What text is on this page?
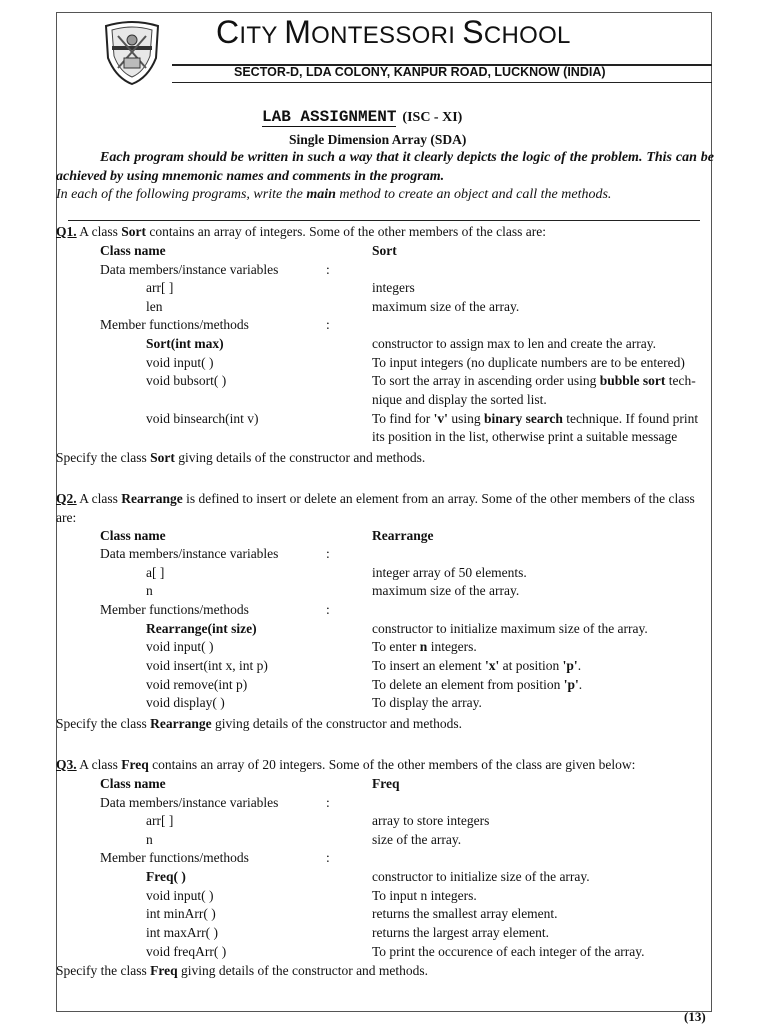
CITY MONTESSORI SCHOOL
SECTOR-D, LDA COLONY, KANPUR ROAD, LUCKNOW (INDIA)
LAB ASSIGNMENT (ISC - XI)
Single Dimension Array (SDA)

Each program should be written in such a way that it clearly depicts the logic of the problem. This can be achieved by using mnemonic names and comments in the program.

In each of the following programs, write the main method to create an object and call the methods.

Q1. A class Sort contains an array of integers. Some of the other members of the class are:
Class name	Sort
Data members/instance variables	:
arr[ ]	integers
len	maximum size of the array.
Member functions/methods	:
Sort(int max)	constructor to assign max to len and create the array.
void input( )	To input integers (no duplicate numbers are to be entered)
void bubsort( )	To sort the array in ascending order using bubble sort tech-
nique and display the sorted list.
void binsearch(int v)	To find for 'v' using binary search technique. If found print
its position in the list, otherwise print a suitable message
Specify the class Sort giving details of the constructor and methods.
Q2. A class Rearrange is defined to insert or delete an element from an array. Some of the other members of the class are:
Class name	Rearrange
Data members/instance variables	:
a[ ]	integer array of 50 elements.
n	maximum size of the array.
Member functions/methods	:
Rearrange(int size)	constructor to initialize maximum size of the array.
void input( )	To enter n integers.
void insert(int x, int p)	To insert an element 'x' at position 'p'.
void remove(int p)	To delete an element from position 'p'.
void display( )	To display the array.
Specify the class Rearrange giving details of the constructor and methods.
Q3. A class Freq contains an array of 20 integers. Some of the other members of the class are given below:
Class name	Freq
Data members/instance variables	:
arr[ ]	array to store integers
n	size of the array.
Member functions/methods	:
Freq( )	constructor to initialize size of the array.
void input( )	To input n integers.
int minArr( )	returns the smallest array element.
int maxArr( )	returns the largest array element.
void freqArr( )	To print the occurence of each integer of the array.
Specify the class Freq giving details of the constructor and methods.
(13)
